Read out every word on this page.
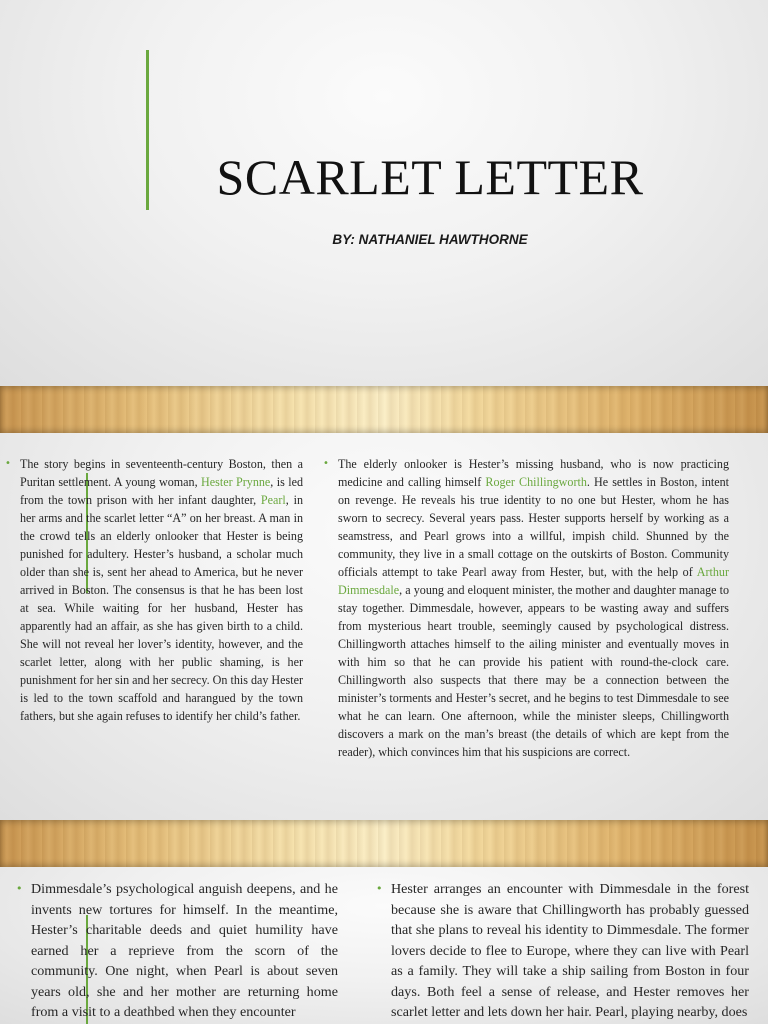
SCARLET LETTER
BY: NATHANIEL HAWTHORNE
• The story begins in seventeenth-century Boston, then a Puritan settlement. A young woman, Hester Prynne, is led from the town prison with her infant daughter, Pearl, in her arms and the scarlet letter “A” on her breast. A man in the crowd tells an elderly onlooker that Hester is being punished for adultery. Hester’s husband, a scholar much older than she is, sent her ahead to America, but he never arrived in Boston. The consensus is that he has been lost at sea. While waiting for her husband, Hester has apparently had an affair, as she has given birth to a child. She will not reveal her lover’s identity, however, and the scarlet letter, along with her public shaming, is her punishment for her sin and her secrecy. On this day Hester is led to the town scaffold and harangued by the town fathers, but she again refuses to identify her child’s father.
• The elderly onlooker is Hester’s missing husband, who is now practicing medicine and calling himself Roger Chillingworth. He settles in Boston, intent on revenge. He reveals his true identity to no one but Hester, whom he has sworn to secrecy. Several years pass. Hester supports herself by working as a seamstress, and Pearl grows into a willful, impish child. Shunned by the community, they live in a small cottage on the outskirts of Boston. Community officials attempt to take Pearl away from Hester, but, with the help of Arthur Dimmesdale, a young and eloquent minister, the mother and daughter manage to stay together. Dimmesdale, however, appears to be wasting away and suffers from mysterious heart trouble, seemingly caused by psychological distress. Chillingworth attaches himself to the ailing minister and eventually moves in with him so that he can provide his patient with round-the-clock care. Chillingworth also suspects that there may be a connection between the minister’s torments and Hester’s secret, and he begins to test Dimmesdale to see what he can learn. One afternoon, while the minister sleeps, Chillingworth discovers a mark on the man’s breast (the details of which are kept from the reader), which convinces him that his suspicions are correct.
• Dimmesdale’s psychological anguish deepens, and he invents new tortures for himself. In the meantime, Hester’s charitable deeds and quiet humility have earned her a reprieve from the scorn of the community. One night, when Pearl is about seven years old, she and her mother are returning home from a visit to a deathbed when they encounter
• Hester arranges an encounter with Dimmesdale in the forest because she is aware that Chillingworth has probably guessed that she plans to reveal his identity to Dimmesdale. The former lovers decide to flee to Europe, where they can live with Pearl as a family. They will take a ship sailing from Boston in four days. Both feel a sense of release, and Hester removes her scarlet letter and lets down her hair. Pearl, playing nearby, does
